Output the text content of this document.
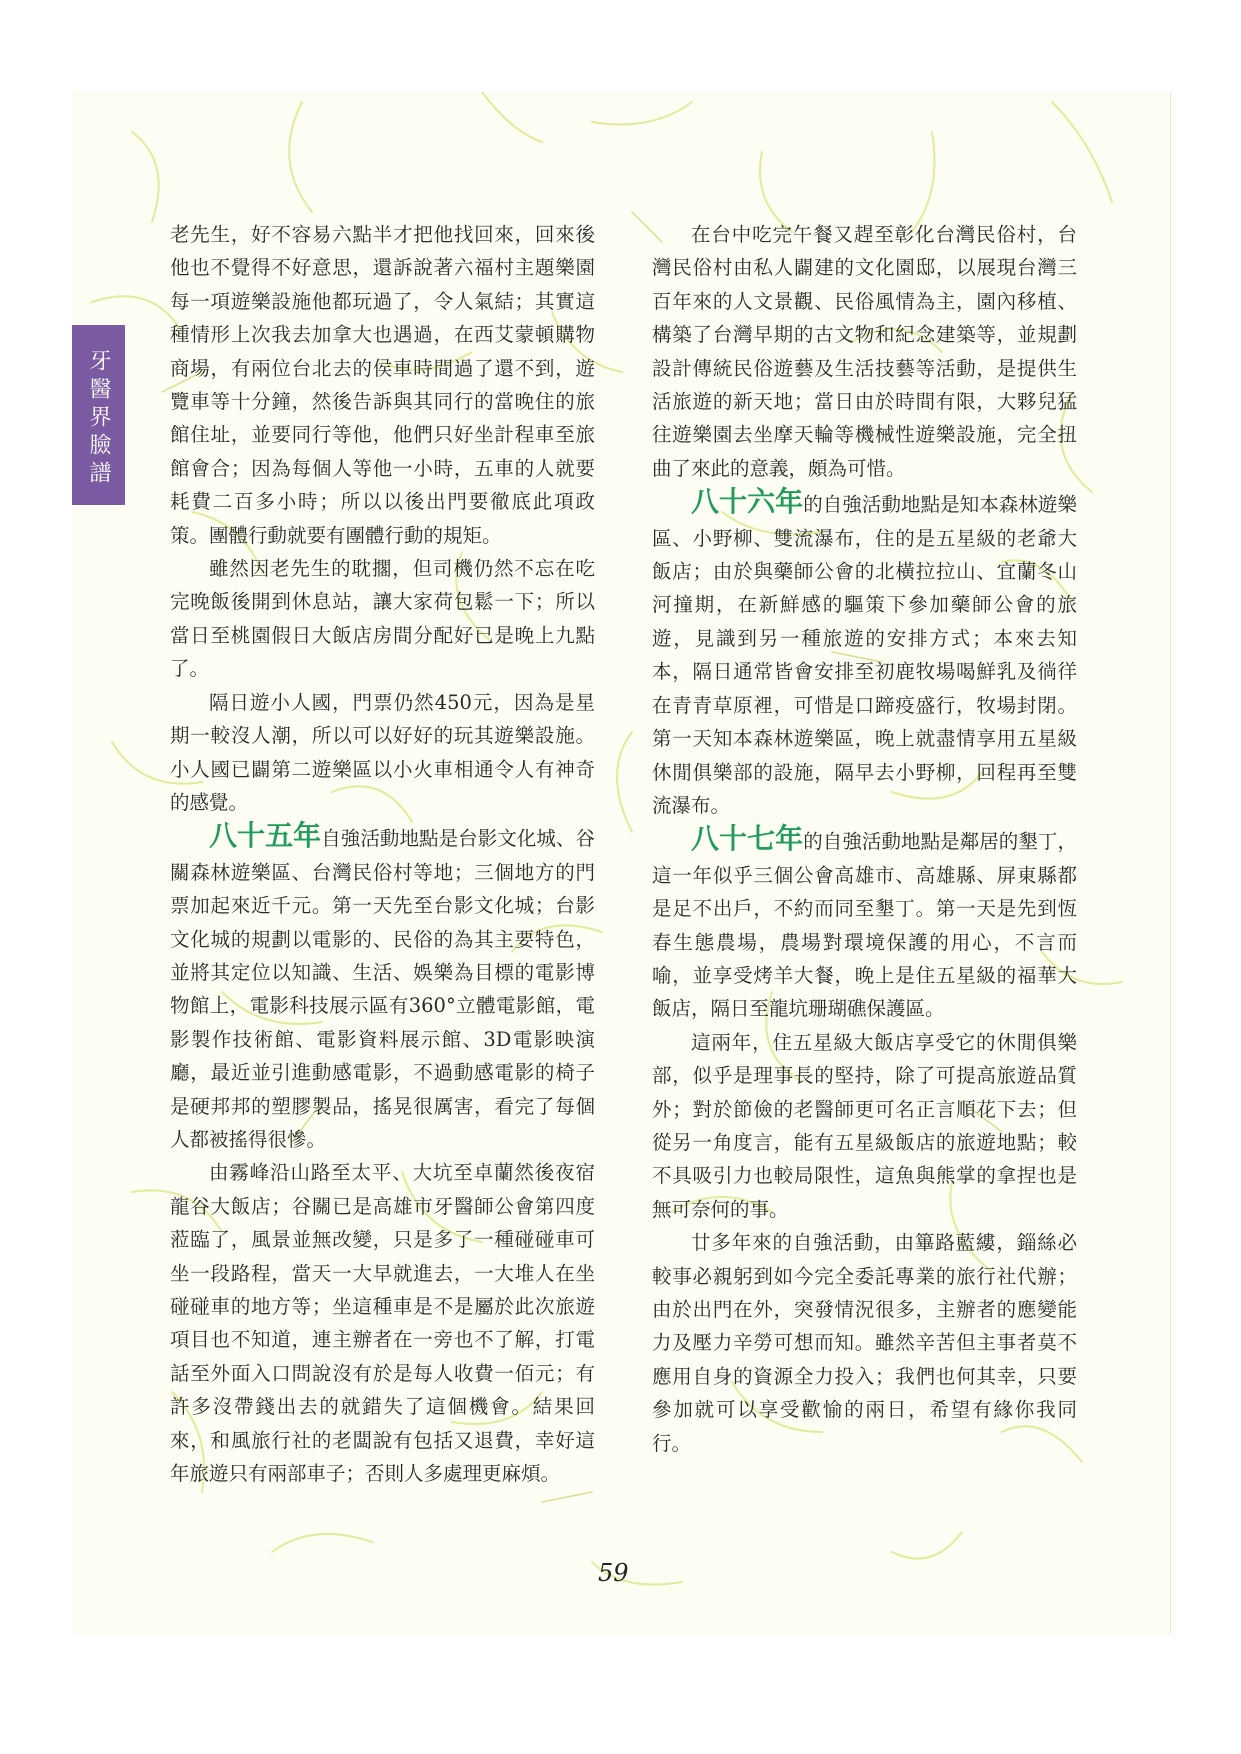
牙醫界臉譜

老先生，好不容易六點半才把他找回來，回來後他也不覺得不好意思，還訴說著六福村主題樂園每一項遊樂設施他都玩過了，令人氣結；其實這種情形上次我去加拿大也遇過，在西艾蒙頓購物商場，有兩位台北去的侯車時間過了還不到，遊覽車等十分鐘，然後告訴與其同行的當晚住的旅館住址，並要同行等他，他們只好坐計程車至旅館會合；因為每個人等他一小時，五車的人就要耗費二百多小時；所以以後出門要徹底此項政策。團體行動就要有團體行動的規矩。

雖然因老先生的耽擱，但司機仍然不忘在吃完晚飯後開到休息站，讓大家荷包鬆一下；所以當日至桃園假日大飯店房間分配好已是晚上九點了。

隔日遊小人國，門票仍然450元，因為是星期一較沒人潮，所以可以好好的玩其遊樂設施。小人國已闢第二遊樂區以小火車相通令人有神奇的感覺。

八十五年自強活動地點是台影文化城、谷關森林遊樂區、台灣民俗村等地；三個地方的門票加起來近千元。第一天先至台影文化城；台影文化城的規劃以電影的、民俗的為其主要特色，並將其定位以知識、生活、娛樂為目標的電影博物館上，電影科技展示區有360°立體電影館，電影製作技術館、電影資料展示館、3D電影映演廳，最近並引進動感電影，不過動感電影的椅子是硬邦邦的塑膠製品，搖晃很厲害，看完了每個人都被搖得很慘。

由霧峰沿山路至太平、大坑至卓蘭然後夜宿龍谷大飯店；谷關已是高雄市牙醫師公會第四度蒞臨了，風景並無改變，只是多了一種碰碰車可坐一段路程，當天一大早就進去，一大堆人在坐碰碰車的地方等；坐這種車是不是屬於此次旅遊項目也不知道，連主辦者在一旁也不了解，打電話至外面入口問說沒有於是每人收費一佰元；有許多沒帶錢出去的就錯失了這個機會。結果回來，和風旅行社的老闆說有包括又退費，幸好這年旅遊只有兩部車子；否則人多處理更麻煩。

在台中吃完午餐又趕至彰化台灣民俗村，台灣民俗村由私人闢建的文化園邸，以展現台灣三百年來的人文景觀、民俗風情為主，園內移植、構築了台灣早期的古文物和紀念建築等，並規劃設計傳統民俗遊藝及生活技藝等活動，是提供生活旅遊的新天地；當日由於時間有限，大夥兒猛往遊樂園去坐摩天輪等機械性遊樂設施，完全扭曲了來此的意義，頗為可惜。

八十六年的自強活動地點是知本森林遊樂區、小野柳、雙流瀑布，住的是五星級的老爺大飯店；由於與藥師公會的北橫拉拉山、宜蘭冬山河撞期，在新鮮感的驅策下參加藥師公會的旅遊，見識到另一種旅遊的安排方式；本來去知本，隔日通常皆會安排至初鹿牧場喝鮮乳及徜徉在青青草原裡，可惜是口蹄疫盛行，牧場封閉。第一天知本森林遊樂區，晚上就盡情享用五星級休閒俱樂部的設施，隔早去小野柳，回程再至雙流瀑布。

八十七年的自強活動地點是鄰居的墾丁，這一年似乎三個公會高雄市、高雄縣、屏東縣都是足不出戶，不約而同至墾丁。第一天是先到恆春生態農場，農場對環境保護的用心，不言而喻，並享受烤羊大餐，晚上是住五星級的福華大飯店，隔日至龍坑珊瑚礁保護區。

這兩年，住五星級大飯店享受它的休閒俱樂部，似乎是理事長的堅持，除了可提高旅遊品質外；對於節儉的老醫師更可名正言順花下去；但從另一角度言，能有五星級飯店的旅遊地點；較不具吸引力也較局限性，這魚與熊掌的拿捏也是無可奈何的事。

廿多年來的自強活動，由篳路藍縷，錙絲必較事必親躬到如今完全委託專業的旅行社代辦；由於出門在外，突發情況很多，主辦者的應變能力及壓力辛勞可想而知。雖然辛苦但主事者莫不應用自身的資源全力投入；我們也何其幸，只要參加就可以享受歡愉的兩日，希望有緣你我同行。

59
